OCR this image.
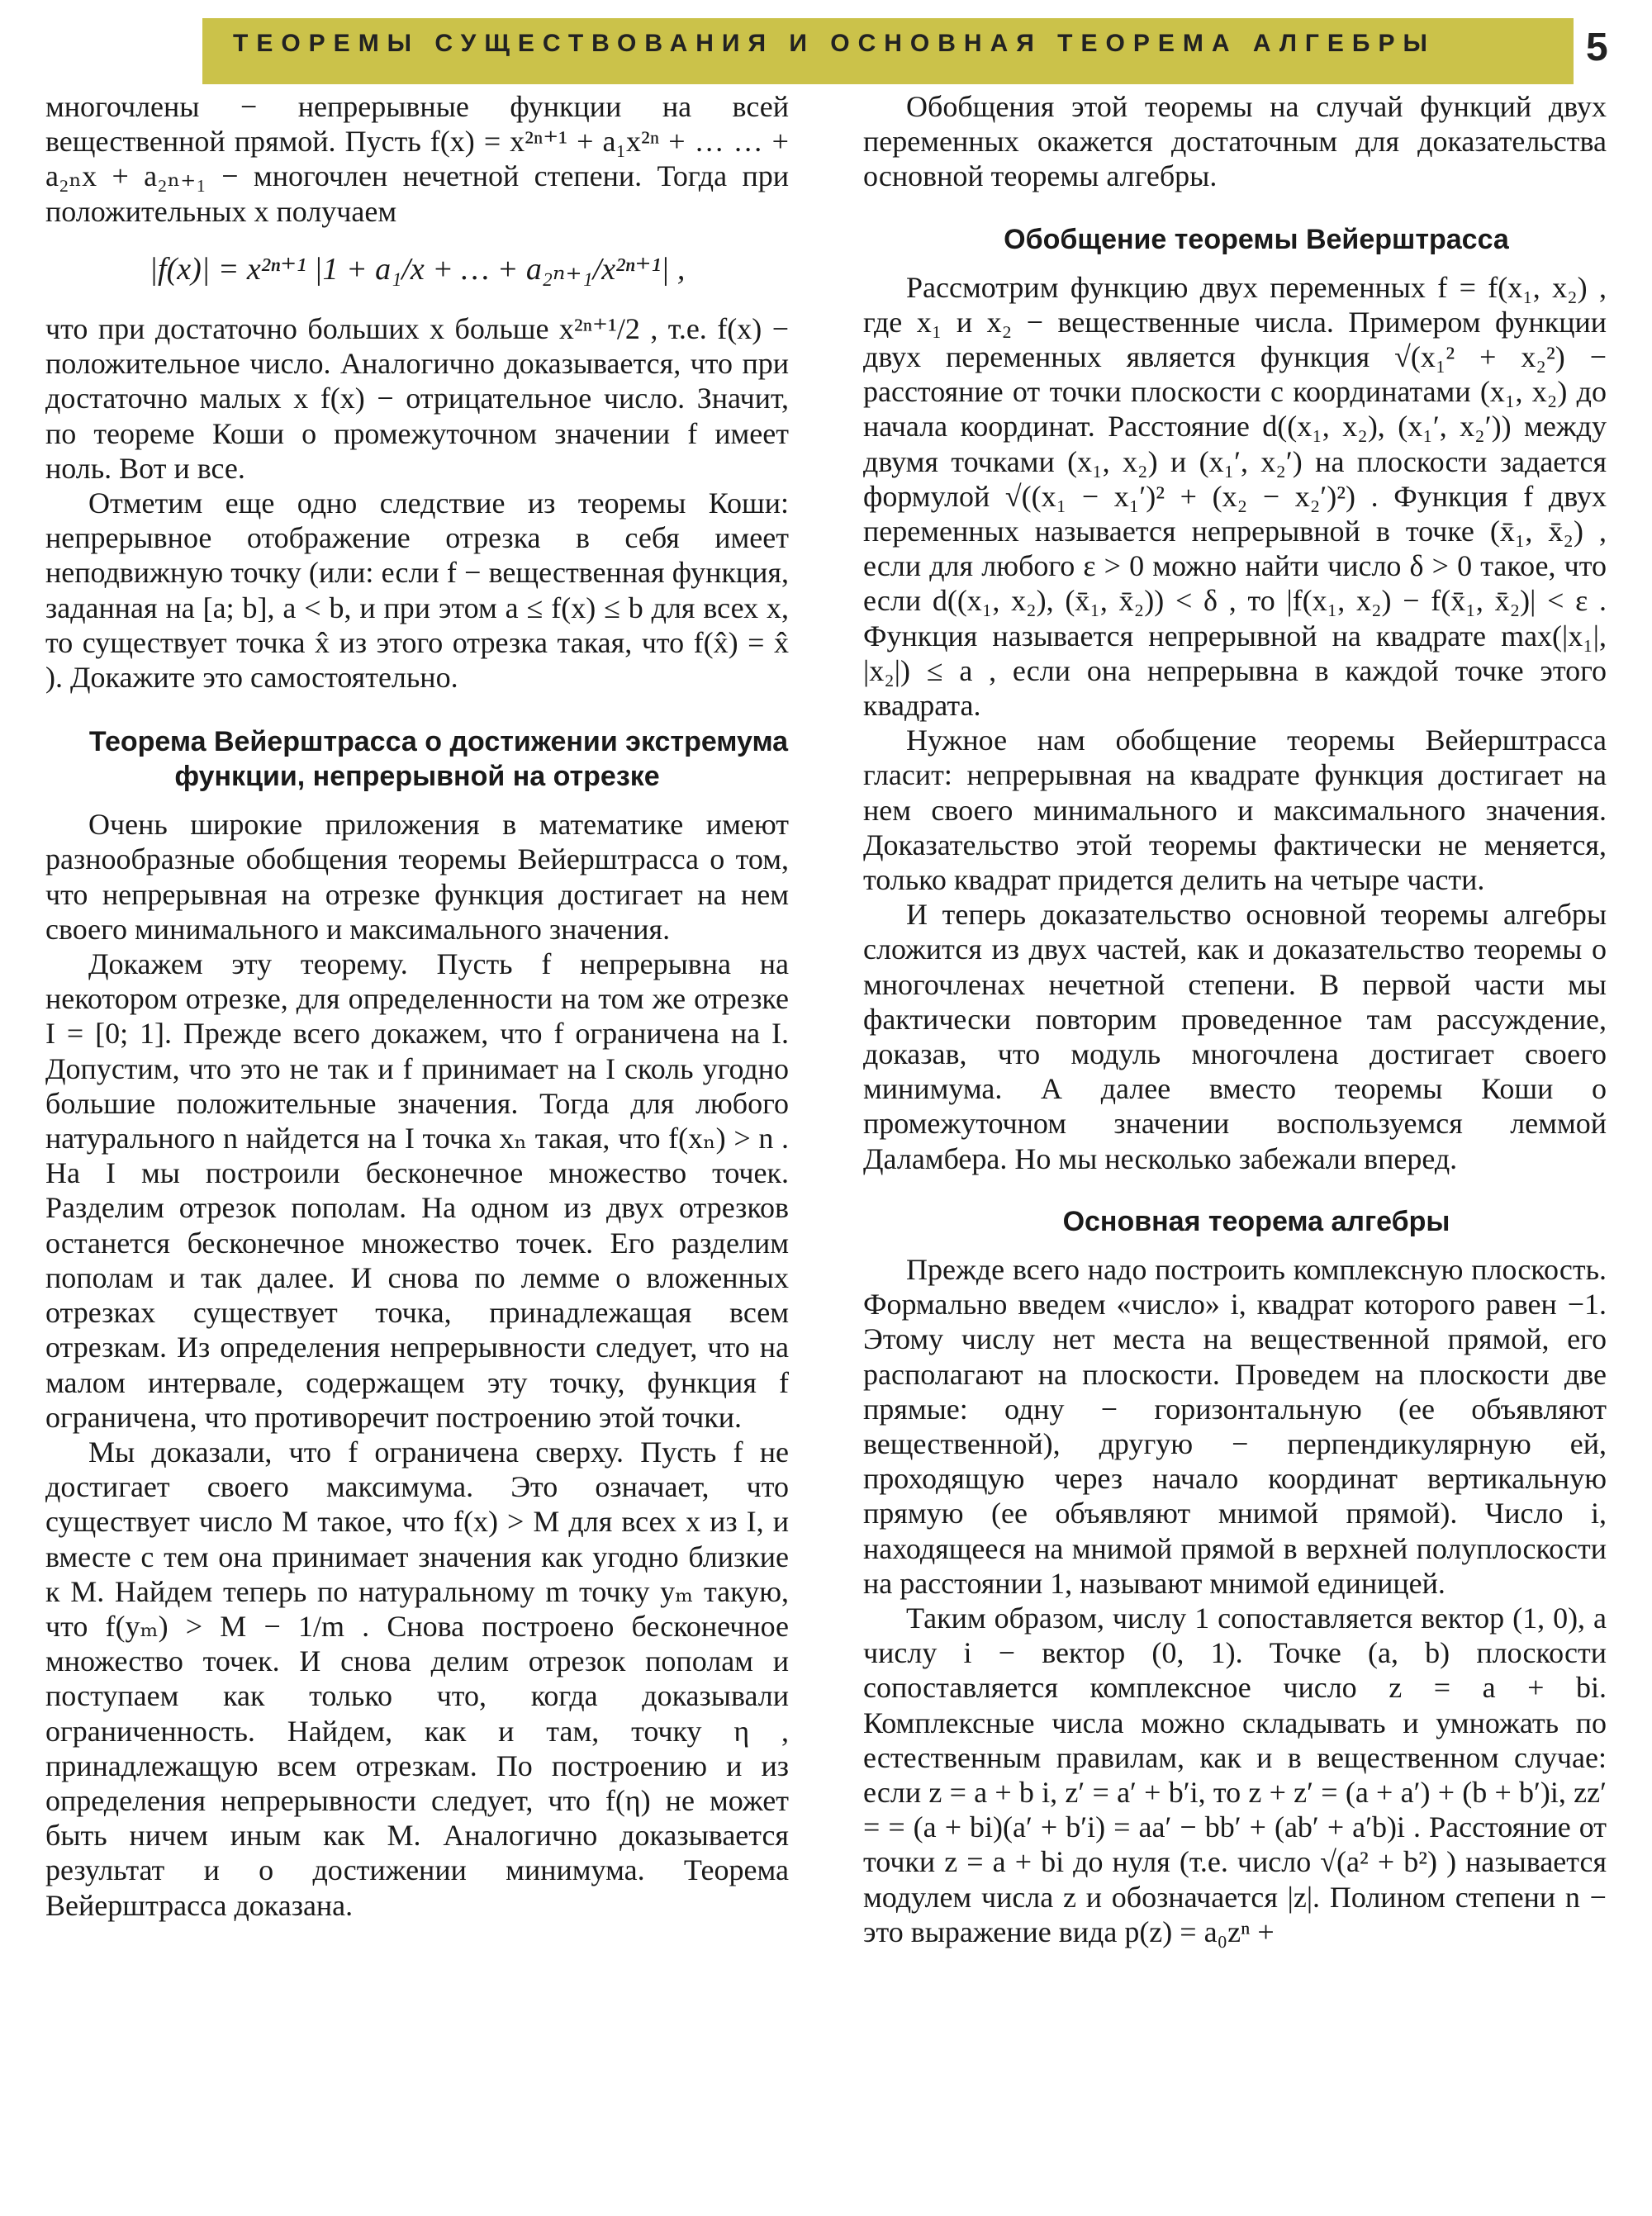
ТЕОРЕМЫ СУЩЕСТВОВАНИЯ И ОСНОВНАЯ ТЕОРЕМА АЛГЕБРЫ	5

многочлены − непрерывные функции на всей вещественной прямой. Пусть f(x) = x²ⁿ⁺¹ + a₁x²ⁿ + … … + a₂ₙx + a₂ₙ₊₁ − многочлен нечетной степени. Тогда при положительных x получаем

|f(x)| = x²ⁿ⁺¹ |1 + a₁/x + … + a₂ₙ₊₁/x²ⁿ⁺¹| ,

что при достаточно больших x больше x²ⁿ⁺¹/2 , т.е. f(x) − положительное число. Аналогично доказывается, что при достаточно малых x f(x) − отрицательное число. Значит, по теореме Коши о промежуточном значении f имеет ноль. Вот и все.

Отметим еще одно следствие из теоремы Коши: непрерывное отображение отрезка в себя имеет неподвижную точку (или: если f − вещественная функция, заданная на [a; b], a < b, и при этом a ≤ f(x) ≤ b для всех x, то существует точка x̂ из этого отрезка такая, что f(x̂) = x̂ ). Докажите это самостоятельно.

Теорема Вейерштрасса о достижении экстремума функции, непрерывной на отрезке

Очень широкие приложения в математике имеют разнообразные обобщения теоремы Вейерштрасса о том, что непрерывная на отрезке функция достигает на нем своего минимального и максимального значения.

Докажем эту теорему. Пусть f непрерывна на некотором отрезке, для определенности на том же отрезке I = [0; 1]. Прежде всего докажем, что f ограничена на I. Допустим, что это не так и f принимает на I сколь угодно большие положительные значения. Тогда для любого натурального n найдется на I точка xₙ такая, что f(xₙ) > n . На I мы построили бесконечное множество точек. Разделим отрезок пополам. На одном из двух отрезков останется бесконечное множество точек. Его разделим пополам и так далее. И снова по лемме о вложенных отрезках существует точка, принадлежащая всем отрезкам. Из определения непрерывности следует, что на малом интервале, содержащем эту точку, функция f ограничена, что противоречит построению этой точки.

Мы доказали, что f ограничена сверху. Пусть f не достигает своего максимума. Это означает, что существует число M такое, что f(x) > M для всех x из I, и вместе с тем она принимает значения как угодно близкие к M. Найдем теперь по натуральному m точку yₘ такую, что f(yₘ) > M − 1/m . Снова построено бесконечное множество точек. И снова делим отрезок пополам и поступаем как только что, когда доказывали ограниченность. Найдем, как и там, точку η , принадлежащую всем отрезкам. По построению и из определения непрерывности следует, что f(η) не может быть ничем иным как M. Аналогично доказывается результат и о достижении минимума. Теорема Вейерштрасса доказана.

Обобщения этой теоремы на случай функций двух переменных окажется достаточным для доказательства основной теоремы алгебры.

Обобщение теоремы Вейерштрасса

Рассмотрим функцию двух переменных f = f(x₁, x₂) , где x₁ и x₂ − вещественные числа. Примером функции двух переменных является функция √(x₁² + x₂²) − расстояние от точки плоскости с координатами (x₁, x₂) до начала координат. Расстояние d((x₁, x₂), (x₁′, x₂′)) между двумя точками (x₁, x₂) и (x₁′, x₂′) на плоскости задается формулой √((x₁ − x₁′)² + (x₂ − x₂′)²) . Функция f двух переменных называется непрерывной в точке (x̄₁, x̄₂) , если для любого ε > 0 можно найти число δ > 0 такое, что если d((x₁, x₂), (x̄₁, x̄₂)) < δ , то |f(x₁, x₂) − f(x̄₁, x̄₂)| < ε . Функция называется непрерывной на квадрате max(|x₁|, |x₂|) ≤ a , если она непрерывна в каждой точке этого квадрата.

Нужное нам обобщение теоремы Вейерштрасса гласит: непрерывная на квадрате функция достигает на нем своего минимального и максимального значения. Доказательство этой теоремы фактически не меняется, только квадрат придется делить на четыре части.

И теперь доказательство основной теоремы алгебры сложится из двух частей, как и доказательство теоремы о многочленах нечетной степени. В первой части мы фактически повторим проведенное там рассуждение, доказав, что модуль многочлена достигает своего минимума. А далее вместо теоремы Коши о промежуточном значении воспользуемся леммой Даламбера. Но мы несколько забежали вперед.

Основная теорема алгебры

Прежде всего надо построить комплексную плоскость. Формально введем «число» i, квадрат которого равен −1. Этому числу нет места на вещественной прямой, его располагают на плоскости. Проведем на плоскости две прямые: одну − горизонтальную (ее объявляют вещественной), другую − перпендикулярную ей, проходящую через начало координат вертикальную прямую (ее объявляют мнимой прямой). Число i, находящееся на мнимой прямой в верхней полуплоскости на расстоянии 1, называют мнимой единицей.

Таким образом, числу 1 сопоставляется вектор (1, 0), а числу i − вектор (0, 1). Точке (a, b) плоскости сопоставляется комплексное число z = a + bi. Комплексные числа можно складывать и умножать по естественным правилам, как и в вещественном случае: если z = a + b i, z′ = a′ + b′i, то z + z′ = (a + a′) + (b + b′)i, zz′ = = (a + bi)(a′ + b′i) = aa′ − bb′ + (ab′ + a′b)i . Расстояние от точки z = a + bi до нуля (т.е. число √(a² + b²) ) называется модулем числа z и обозначается |z|. Полином степени n − это выражение вида p(z) = a₀zⁿ +
